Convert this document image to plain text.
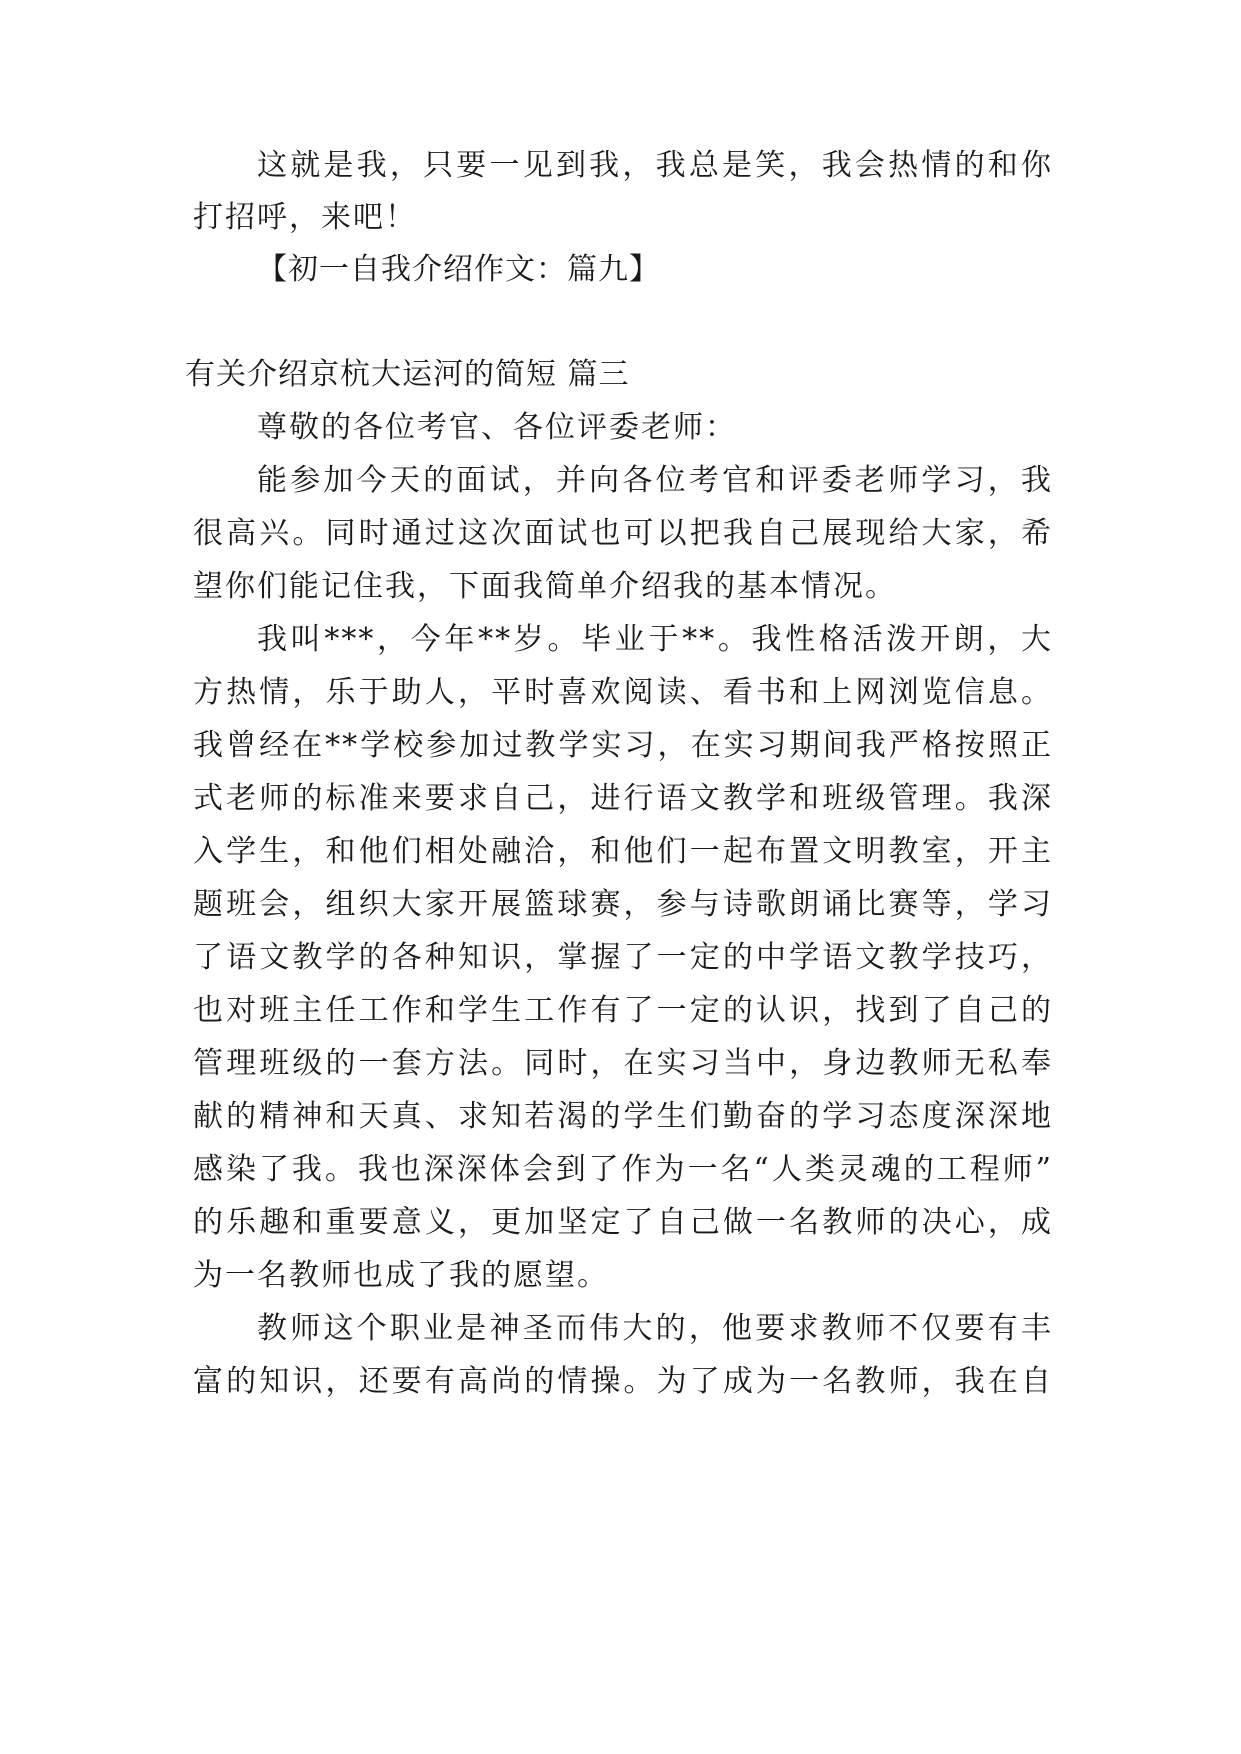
这就是我，只要一见到我，我总是笑，我会热情的和你
打招呼，来吧！
【初一自我介绍作文：篇九】
有关介绍京杭大运河的简短 篇三
尊敬的各位考官、各位评委老师：
能参加今天的面试，并向各位考官和评委老师学习，我
很高兴。同时通过这次面试也可以把我自己展现给大家，希
望你们能记住我，下面我简单介绍我的基本情况。
我叫***，今年**岁。毕业于**。我性格活泼开朗，大
方热情，乐于助人，平时喜欢阅读、看书和上网浏览信息。
我曾经在**学校参加过教学实习，在实习期间我严格按照正
式老师的标准来要求自己，进行语文教学和班级管理。我深
入学生，和他们相处融洽，和他们一起布置文明教室，开主
题班会，组织大家开展篮球赛，参与诗歌朗诵比赛等，学习
了语文教学的各种知识，掌握了一定的中学语文教学技巧，
也对班主任工作和学生工作有了一定的认识，找到了自己的
管理班级的一套方法。同时，在实习当中，身边教师无私奉
献的精神和天真、求知若渴的学生们勤奋的学习态度深深地
感染了我。我也深深体会到了作为一名“人类灵魂的工程师”
的乐趣和重要意义，更加坚定了自己做一名教师的决心，成
为一名教师也成了我的愿望。
教师这个职业是神圣而伟大的，他要求教师不仅要有丰
富的知识，还要有高尚的情操。为了成为一名教师，我在自
